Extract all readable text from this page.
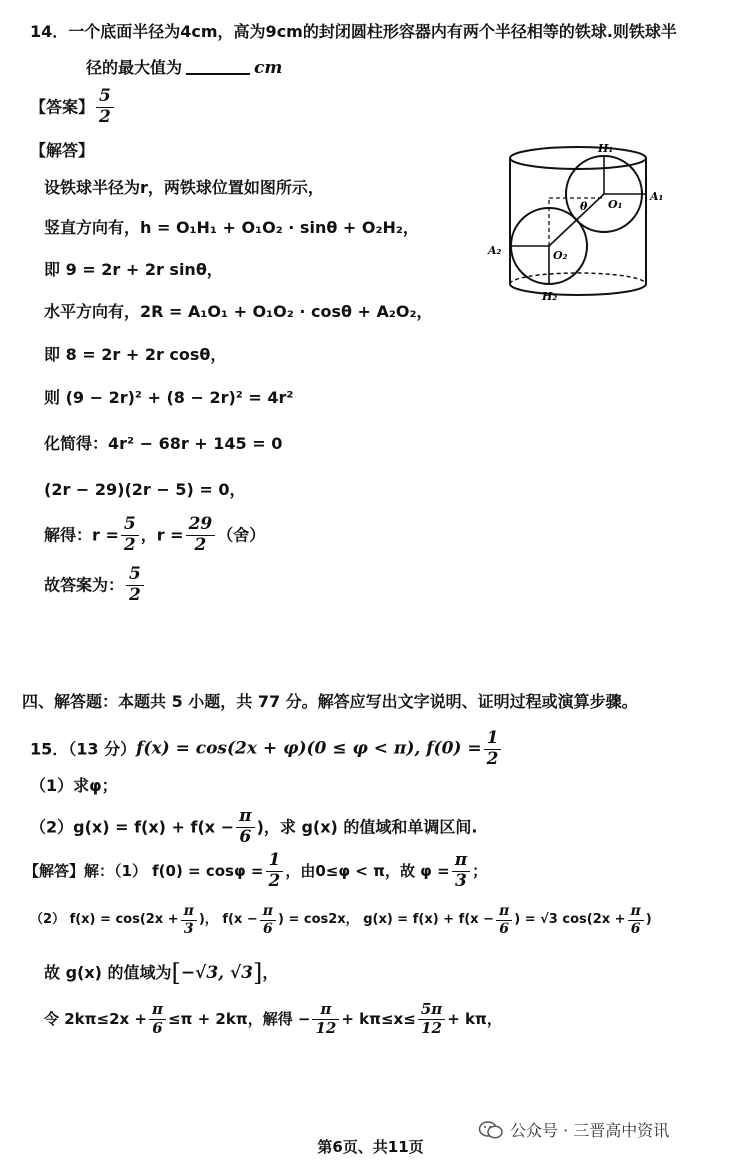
14．一个底面半径为4cm，高为9cm的封闭圆柱形容器内有两个半径相等的铁球.则铁球半
径的最大值为	cm
【答案】 $\frac{5}{2}$
【解答】
设铁球半径为r，两铁球位置如图所示，
竖直方向有，h = O₁H₁ + O₁O₂ · sinθ + O₂H₂，
即 9 = 2r + 2r sinθ，
水平方向有，2R = A₁O₁ + O₁O₂ · cosθ + A₂O₂，
即 8 = 2r + 2r cosθ，
则 (9 − 2r)² + (8 − 2r)² = 4r²
化简得：4r² − 68r + 145 = 0
(2r − 29)(2r − 5) = 0，
解得：$r = \frac{5}{2}$ ，$r = \frac{29}{2}$ （舍）
故答案为： $\frac{5}{2}$
H₁
A₁
O₁
θ
A₂	O₂
H₂
四、解答题：本题共 5 小题，共 77 分。解答应写出文字说明、证明过程或演算步骤。
15．（13 分）f(x) = cos(2x + φ)(0 ≤ φ < π), $f(0) = \frac{1}{2}$
（1）求φ；
$(2)g(x) = f(x) + f(x - \frac{\pi}{6}$ )，求 g(x) 的值域和单调区间.
【解答】解：（1） $f(0) = \cos\varphi = \frac{1}{2}$ ，由0≤φ < π，故 $\varphi = \frac{\pi}{3}$ ；
（2） $f(x) = \cos(2x + \frac{\pi}{3}$ )， $f(x - \frac{\pi}{6}$ ) = cos2x， $g(x) = f(x) + f(x - \frac{\pi}{6}$ ) = √3 $\cos(2x + \frac{\pi}{6}$ )
故 g(x) 的值域为[−√3, √3]，
令 $2k\pi\le 2x + \frac{\pi}{6} \le\pi + 2k\pi$，解得 − $\frac{\pi}{12} + k\pi\le x\le \frac{5\pi}{12} + k\pi$，
公众号 · 三晋高中资讯
第6页、共11页
